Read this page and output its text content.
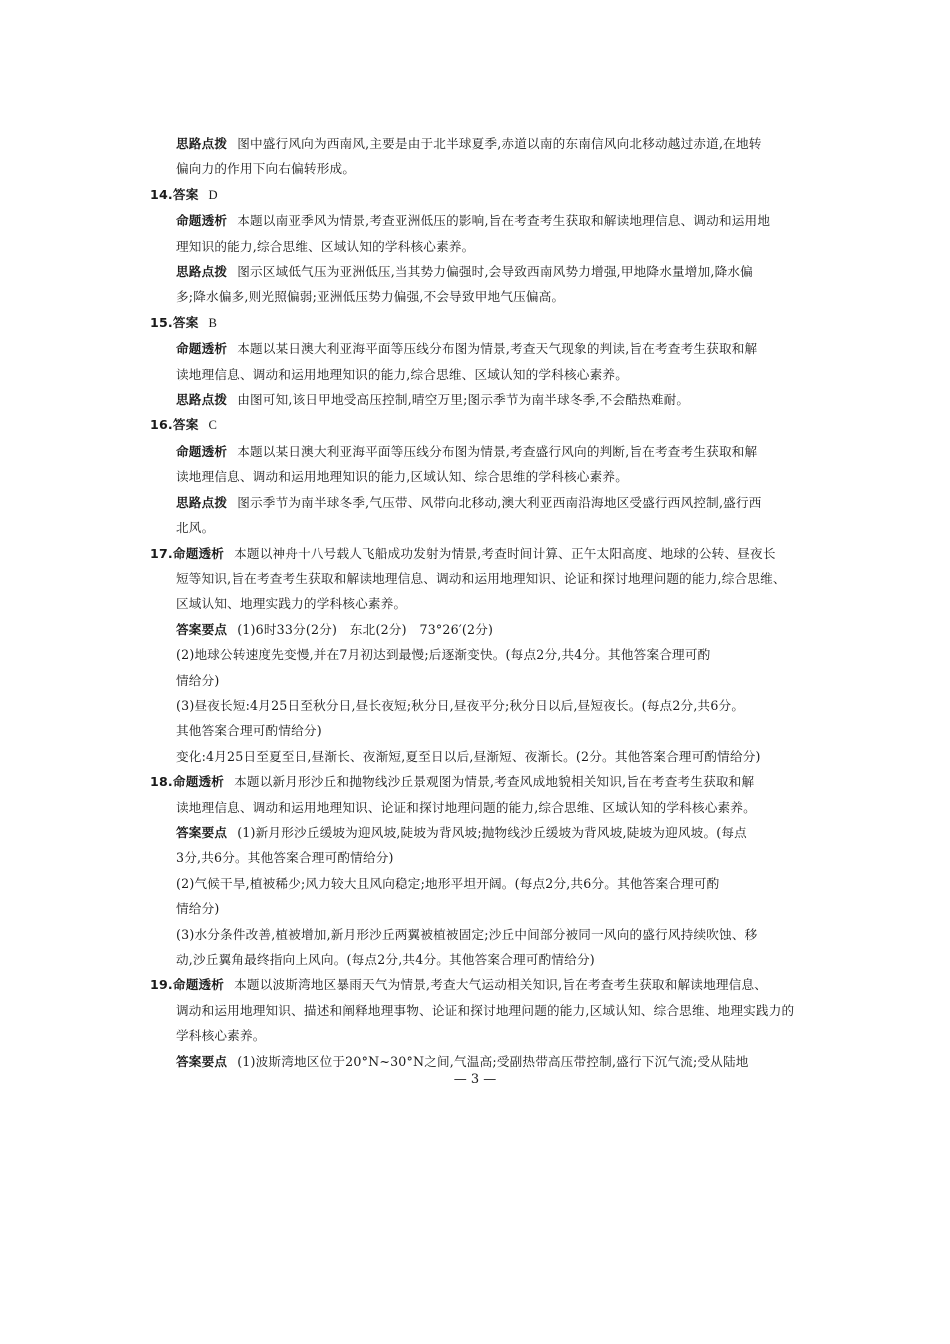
思路点拨 图中盛行风向为西南风,主要是由于北半球夏季,赤道以南的东南信风向北移动越过赤道,在地转
偏向力的作用下向右偏转形成。
14.答案 D
命题透析 本题以南亚季风为情景,考查亚洲低压的影响,旨在考查考生获取和解读地理信息、调动和运用地
理知识的能力,综合思维、区域认知的学科核心素养。
思路点拨 图示区域低气压为亚洲低压,当其势力偏强时,会导致西南风势力增强,甲地降水量增加,降水偏
多;降水偏多,则光照偏弱;亚洲低压势力偏强,不会导致甲地气压偏高。
15.答案 B
命题透析 本题以某日澳大利亚海平面等压线分布图为情景,考查天气现象的判读,旨在考查考生获取和解
读地理信息、调动和运用地理知识的能力,综合思维、区域认知的学科核心素养。
思路点拨 由图可知,该日甲地受高压控制,晴空万里;图示季节为南半球冬季,不会酷热难耐。
16.答案 C
命题透析 本题以某日澳大利亚海平面等压线分布图为情景,考查盛行风向的判断,旨在考查考生获取和解
读地理信息、调动和运用地理知识的能力,区域认知、综合思维的学科核心素养。
思路点拨 图示季节为南半球冬季,气压带、风带向北移动,澳大利亚西南沿海地区受盛行西风控制,盛行西
北风。
17.命题透析 本题以神舟十八号载人飞船成功发射为情景,考查时间计算、正午太阳高度、地球的公转、昼夜长
短等知识,旨在考查考生获取和解读地理信息、调动和运用地理知识、论证和探讨地理问题的能力,综合思维、
区域认知、地理实践力的学科核心素养。
答案要点 (1)6时33分(2分)　东北(2分)　73°26′(2分)
(2)地球公转速度先变慢,并在7月初达到最慢;后逐渐变快。(每点2分,共4分。其他答案合理可酌
情给分)
(3)昼夜长短:4月25日至秋分日,昼长夜短;秋分日,昼夜平分;秋分日以后,昼短夜长。(每点2分,共6分。
其他答案合理可酌情给分)
变化:4月25日至夏至日,昼渐长、夜渐短,夏至日以后,昼渐短、夜渐长。(2分。其他答案合理可酌情给分)
18.命题透析 本题以新月形沙丘和抛物线沙丘景观图为情景,考查风成地貌相关知识,旨在考查考生获取和解
读地理信息、调动和运用地理知识、论证和探讨地理问题的能力,综合思维、区域认知的学科核心素养。
答案要点 (1)新月形沙丘缓坡为迎风坡,陡坡为背风坡;抛物线沙丘缓坡为背风坡,陡坡为迎风坡。(每点
3分,共6分。其他答案合理可酌情给分)
(2)气候干旱,植被稀少;风力较大且风向稳定;地形平坦开阔。(每点2分,共6分。其他答案合理可酌
情给分)
(3)水分条件改善,植被增加,新月形沙丘两翼被植被固定;沙丘中间部分被同一风向的盛行风持续吹蚀、移
动,沙丘翼角最终指向上风向。(每点2分,共4分。其他答案合理可酌情给分)
19.命题透析 本题以波斯湾地区暴雨天气为情景,考查大气运动相关知识,旨在考查考生获取和解读地理信息、
调动和运用地理知识、描述和阐释地理事物、论证和探讨地理问题的能力,区域认知、综合思维、地理实践力的
学科核心素养。
答案要点 (1)波斯湾地区位于20°N~30°N之间,气温高;受副热带高压带控制,盛行下沉气流;受从陆地
— 3 —
